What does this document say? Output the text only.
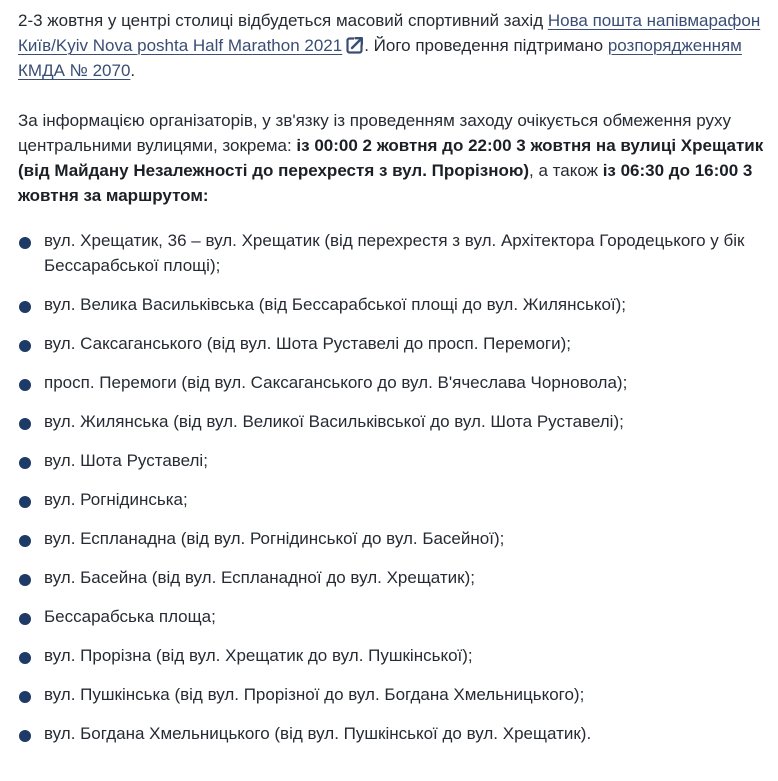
2-3 жовтня у центрі столиці відбудеться масовий спортивний захід Нова пошта напівмарафон Київ/Kyiv Nova poshta Half Marathon 2021 . Його проведення підтримано розпорядженням КМДА № 2070.

За інформацією організаторів, у зв'язку із проведенням заходу очікується обмеження руху центральними вулицями, зокрема: із 00:00 2 жовтня до 22:00 3 жовтня на вулиці Хрещатик (від Майдану Незалежності до перехрестя з вул. Прорізною), а також із 06:30 до 16:00 3 жовтня за маршрутом:

вул. Хрещатик, 36 – вул. Хрещатик (від перехрестя з вул. Архітектора Городецького у бік Бессарабської площі);
вул. Велика Васильківська (від Бессарабської площі до вул. Жилянської);
вул. Саксаганського (від вул. Шота Руставелі до просп. Перемоги);
просп. Перемоги (від вул. Саксаганського до вул. В'ячеслава Чорновола);
вул. Жилянська (від вул. Великої Васильківської до вул. Шота Руставелі);
вул. Шота Руставелі;
вул. Рогнідинська;
вул. Еспланадна (від вул. Рогнідинської до вул. Басейної);
вул. Басейна (від вул. Еспланадної до вул. Хрещатик);
Бессарабська площа;
вул. Прорізна (від вул. Хрещатик до вул. Пушкінської);
вул. Пушкінська (від вул. Прорізної до вул. Богдана Хмельницького);
вул. Богдана Хмельницького (від вул. Пушкінської до вул. Хрещатик).
